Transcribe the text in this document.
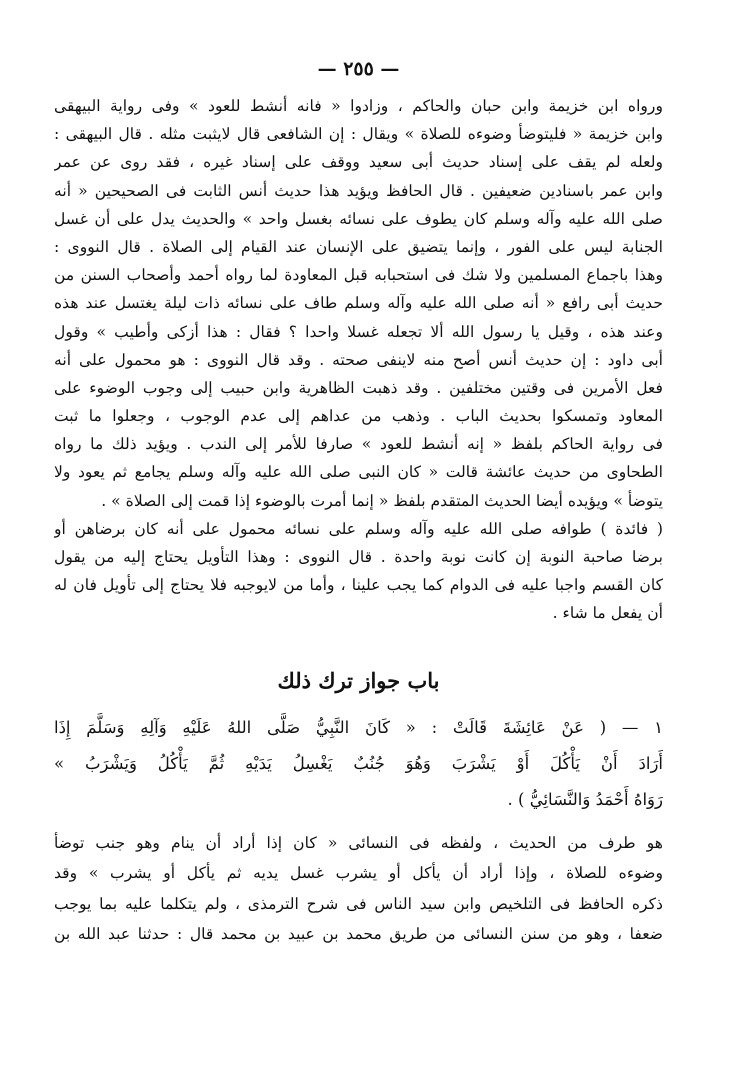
— ٢٥٥ —
ورواه ابن خزيمة وابن حبان والحاكم ، وزادوا « فانه أنشط للعود » وفى رواية البيهقى
وابن خزيمة « فليتوضأ وضوءه للصلاة » ويقال : إن الشافعى قال لايثبت مثله . قال البيهقى :
ولعله لم يقف على إسناد حديث أبى سعيد ووقف على إسناد غيره ، فقد روى عن عمر
وابن عمر باسنادين ضعيفين . قال الحافظ ويؤيد هذا حديث أنس الثابت فى الصحيحين « أنه
صلى الله عليه وآله وسلم كان يطوف على نسائه بغسل واحد » والحديث يدل على أن غسل
الجنابة ليس على الفور ، وإنما يتضيق على الإنسان عند القيام إلى الصلاة . قال النووى :
وهذا باجماع المسلمين ولا شك فى استحبابه قبل المعاودة لما رواه أحمد وأصحاب السنن من
حديث أبى رافع « أنه صلى الله عليه وآله وسلم طاف على نسائه ذات ليلة يغتسل عند هذه
وعند هذه ، وقيل يا رسول الله ألا تجعله غسلا واحدا ؟ فقال : هذا أزكى وأطيب » وقول
أبى داود : إن حديث أنس أصح منه لاينفى صحته . وقد قال النووى : هو محمول على أنه
فعل الأمرين فى وقتين مختلفين . وقد ذهبت الظاهرية وابن حبيب إلى وجوب الوضوء على
المعاود وتمسكوا بحديث الباب . وذهب من عداهم إلى عدم الوجوب ، وجعلوا ما ثبت
فى رواية الحاكم بلفظ « إنه أنشط للعود » صارفا للأمر إلى الندب . ويؤيد ذلك ما رواه
الطحاوى من حديث عائشة قالت « كان النبى صلى الله عليه وآله وسلم يجامع ثم يعود ولا
يتوضأ » ويؤيده أيضا الحديث المتقدم بلفظ « إنما أمرت بالوضوء إذا قمت إلى الصلاة » .
( فائدة ) طوافه صلى الله عليه وآله وسلم على نسائه محمول على أنه كان برضاهن أو
برضا صاحبة النوبة إن كانت نوبة واحدة . قال النووى : وهذا التأويل يحتاج إليه من يقول
كان القسم واجبا عليه فى الدوام كما يجب علينا ، وأما من لايوجبه فلا يحتاج إلى تأويل فان له
أن يفعل ما شاء .
باب جواز ترك ذلك
١ — ( عَنْ عَائِشَةَ قَالَتْ : « كَانَ النَّبِيُّ صَلَّى اللهُ عَلَيْهِ وَآلِهِ وَسَلَّمَ إِذَا
أَرَادَ أَنْ يَأْكُلَ أَوْ يَشْرَبَ وَهُوَ جُنُبٌ يَغْسِلُ يَدَيْهِ ثُمَّ يَأْكُلُ وَيَشْرَبُ »
رَوَاهُ أَحْمَدُ وَالنَّسَائِيُّ ) .
هو طرف من الحديث ، ولفظه فى النسائى « كان إذا أراد أن ينام وهو جنب توضأ
وضوءه للصلاة ، وإذا أراد أن يأكل أو يشرب غسل يديه ثم يأكل أو يشرب » وقد
ذكره الحافظ فى التلخيص وابن سيد الناس فى شرح الترمذى ، ولم يتكلما عليه بما يوجب
ضعفا ، وهو من سنن النسائى من طريق محمد بن عبيد بن محمد قال : حدثنا عبد الله بن
